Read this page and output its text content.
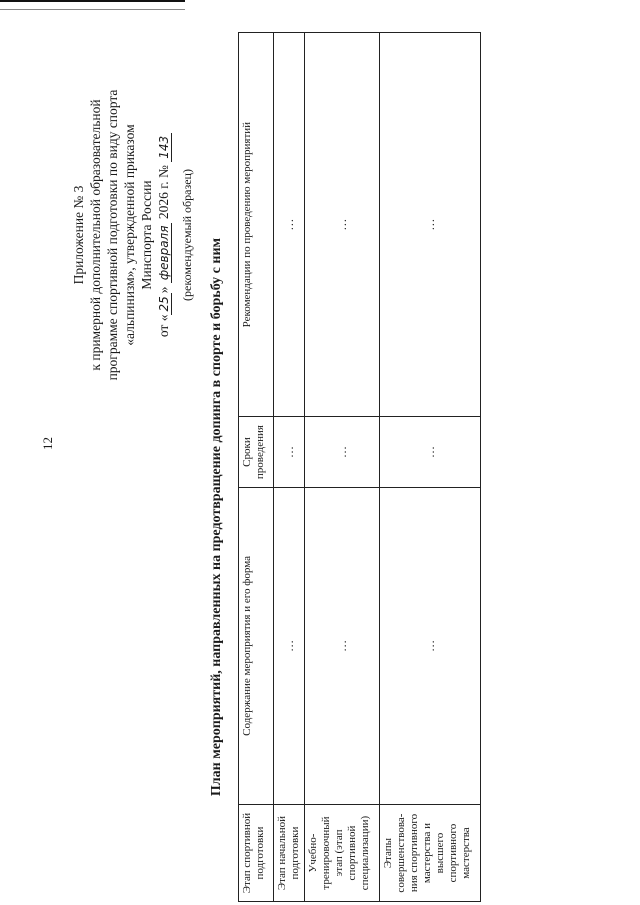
12
Приложение № 3 к примерной дополнительной образовательной программе спортивной подготовки по виду спорта «альпинизм», утвержденной приказом Минспорта России
от «25» февраля 2026 г. № 143
(рекомендуемый образец)
План мероприятий, направленных на предотвращение допинга в спорте и борьбу с ним
Этап спортивной подготовки	Содержание мероприятия и его форма	Сроки проведения	Рекомендации по проведению мероприятий
Этап начальной подготовки	…	…	…
Учебно-тренировочный этап (этап спортивной специализации)	…	…	…
Этапы совершенствова-ния спортивного мастерства и высшего спортивного мастерства	…	…	…
